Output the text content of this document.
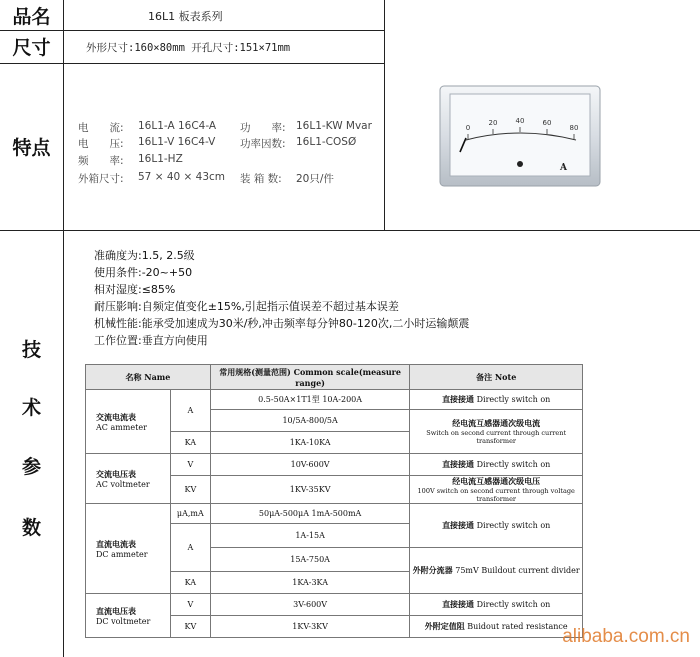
品名	16L1 板表系列
尺寸	外形尺寸:160×80mm 开孔尺寸:151×71mm
特点
电　　流: 16L1-A 16C4-A 功　　率: 16L1-KW Mvar
电　　压: 16L1-V 16C4-V 功率因数: 16L1-COSØ
频　　率: 16L1-HZ
外箱尺寸: 57 × 40 × 43cm 装 箱 数: 20只/件
0
20	40	60
80
A
技
术
参
数
准确度为:1.5, 2.5级
使用条件:-20~+50
相对湿度:≤85%
耐压影响:自频定值变化±15%,引起指示值误差不超过基本误差
机械性能:能承受加速成为30米/秒,冲击频率每分钟80-120次,二小时运输颠震
工作位置:垂直方向使用
名称 Name		常用规格(测量范围) Common scale(measure range)	备注 Note

交流电流表
AC ammeter	A	0.5-50A×1T1型 10A-200A	直接接通 Directly switch on
		10/5A-800/5A	经电流互感器通次级电流
Switch on second current through current transformer

	KA	1KA-10KA	

交流电压表
AC voltmeter	V	10V-600V	直接接通 Directly switch on
	KV	1KV-35KV	经电流互感器通次级电压
100V switch on second current through voltage transformer

直流电流表
DC ammeter	μA,mA	50μA-500μA 1mA-500mA	直接接通 Directly switch on
	A	1A-15A	
		15A-750A	外附分流器 75mV Buildout current divider
	KA	1KA-3KA	

直流电压表
DC voltmeter	V	3V-600V	直接接通 Directly switch on
	KV	1KV-3KV	外附定值阻 Buidout rated resistance
alibaba.com.cn
